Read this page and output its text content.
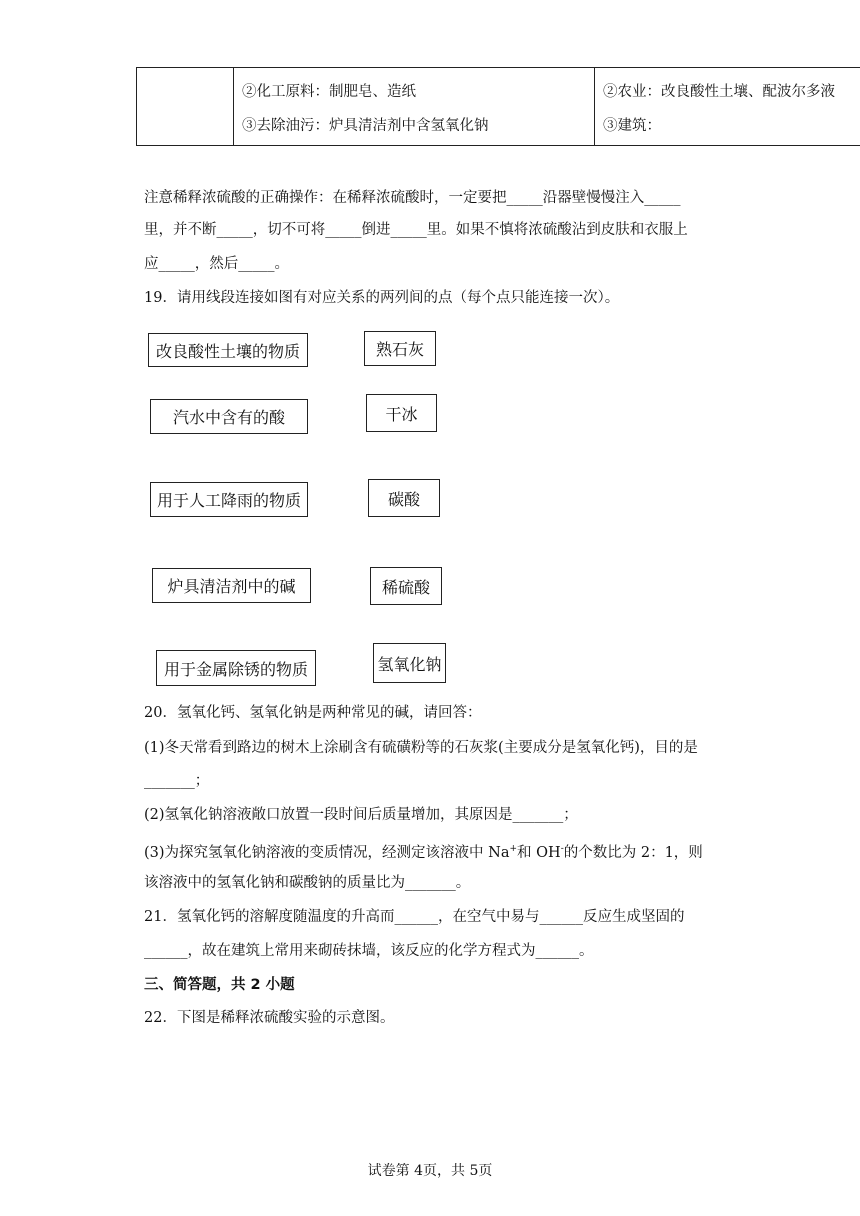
②化工原料：制肥皂、造纸
③去除油污：炉具清洁剂中含氢氧化钠
②农业：改良酸性土壤、配波尔多液
③建筑：
注意稀释浓硫酸的正确操作：在稀释浓硫酸时，一定要把_____沿器壁慢慢注入_____
里，并不断_____，切不可将_____倒进_____里。如果不慎将浓硫酸沾到皮肤和衣服上
应_____，然后_____。
19．请用线段连接如图有对应关系的两列间的点（每个点只能连接一次）。
改良酸性土壤的物质
汽水中含有的酸
用于人工降雨的物质
炉具清洁剂中的碱
用于金属除锈的物质
熟石灰
干冰
碳酸
稀硫酸
氢氧化钠
20．氢氧化钙、氢氧化钠是两种常见的碱，请回答：
(1)冬天常看到路边的树木上涂刷含有硫磺粉等的石灰浆(主要成分是氢氧化钙)，目的是
_______；
(2)氢氧化钠溶液敞口放置一段时间后质量增加，其原因是_______；
(3)为探究氢氧化钠溶液的变质情况，经测定该溶液中 Na+和 OH-的个数比为 2：1，则
该溶液中的氢氧化钠和碳酸钠的质量比为_______。
21．氢氧化钙的溶解度随温度的升高而______，在空气中易与______反应生成坚固的
______，故在建筑上常用来砌砖抹墙，该反应的化学方程式为______。
三、简答题，共 2 小题
22．下图是稀释浓硫酸实验的示意图。
试卷第 4页，共 5页
